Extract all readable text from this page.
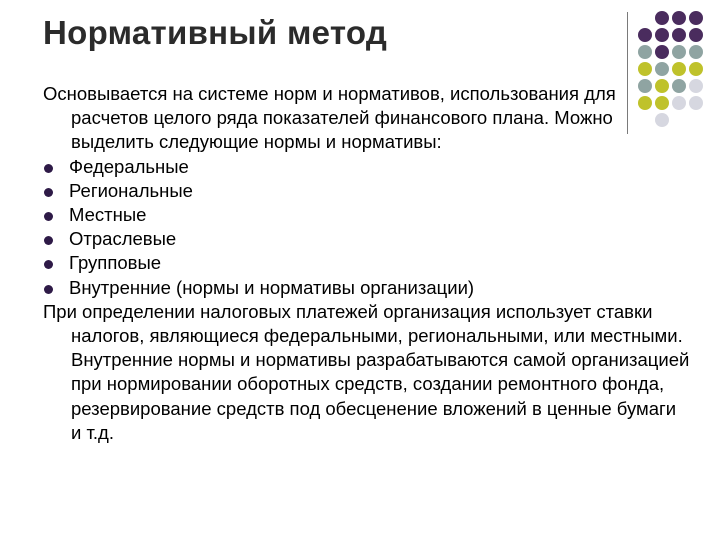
Нормативный метод

Основывается на системе норм и нормативов, использования для расчетов целого ряда показателей финансового плана. Можно выделить следующие нормы и нормативы:

Федеральные
Региональные
Местные
Отраслевые
Групповые
Внутренние (нормы и нормативы организации)

При определении налоговых платежей организация использует ставки налогов, являющиеся федеральными, региональными, или местными. Внутренние нормы и нормативы разрабатываются самой организацией при нормировании оборотных средств, создании ремонтного фонда, резервирование средств под обесценение вложений в ценные бумаги и т.д.
